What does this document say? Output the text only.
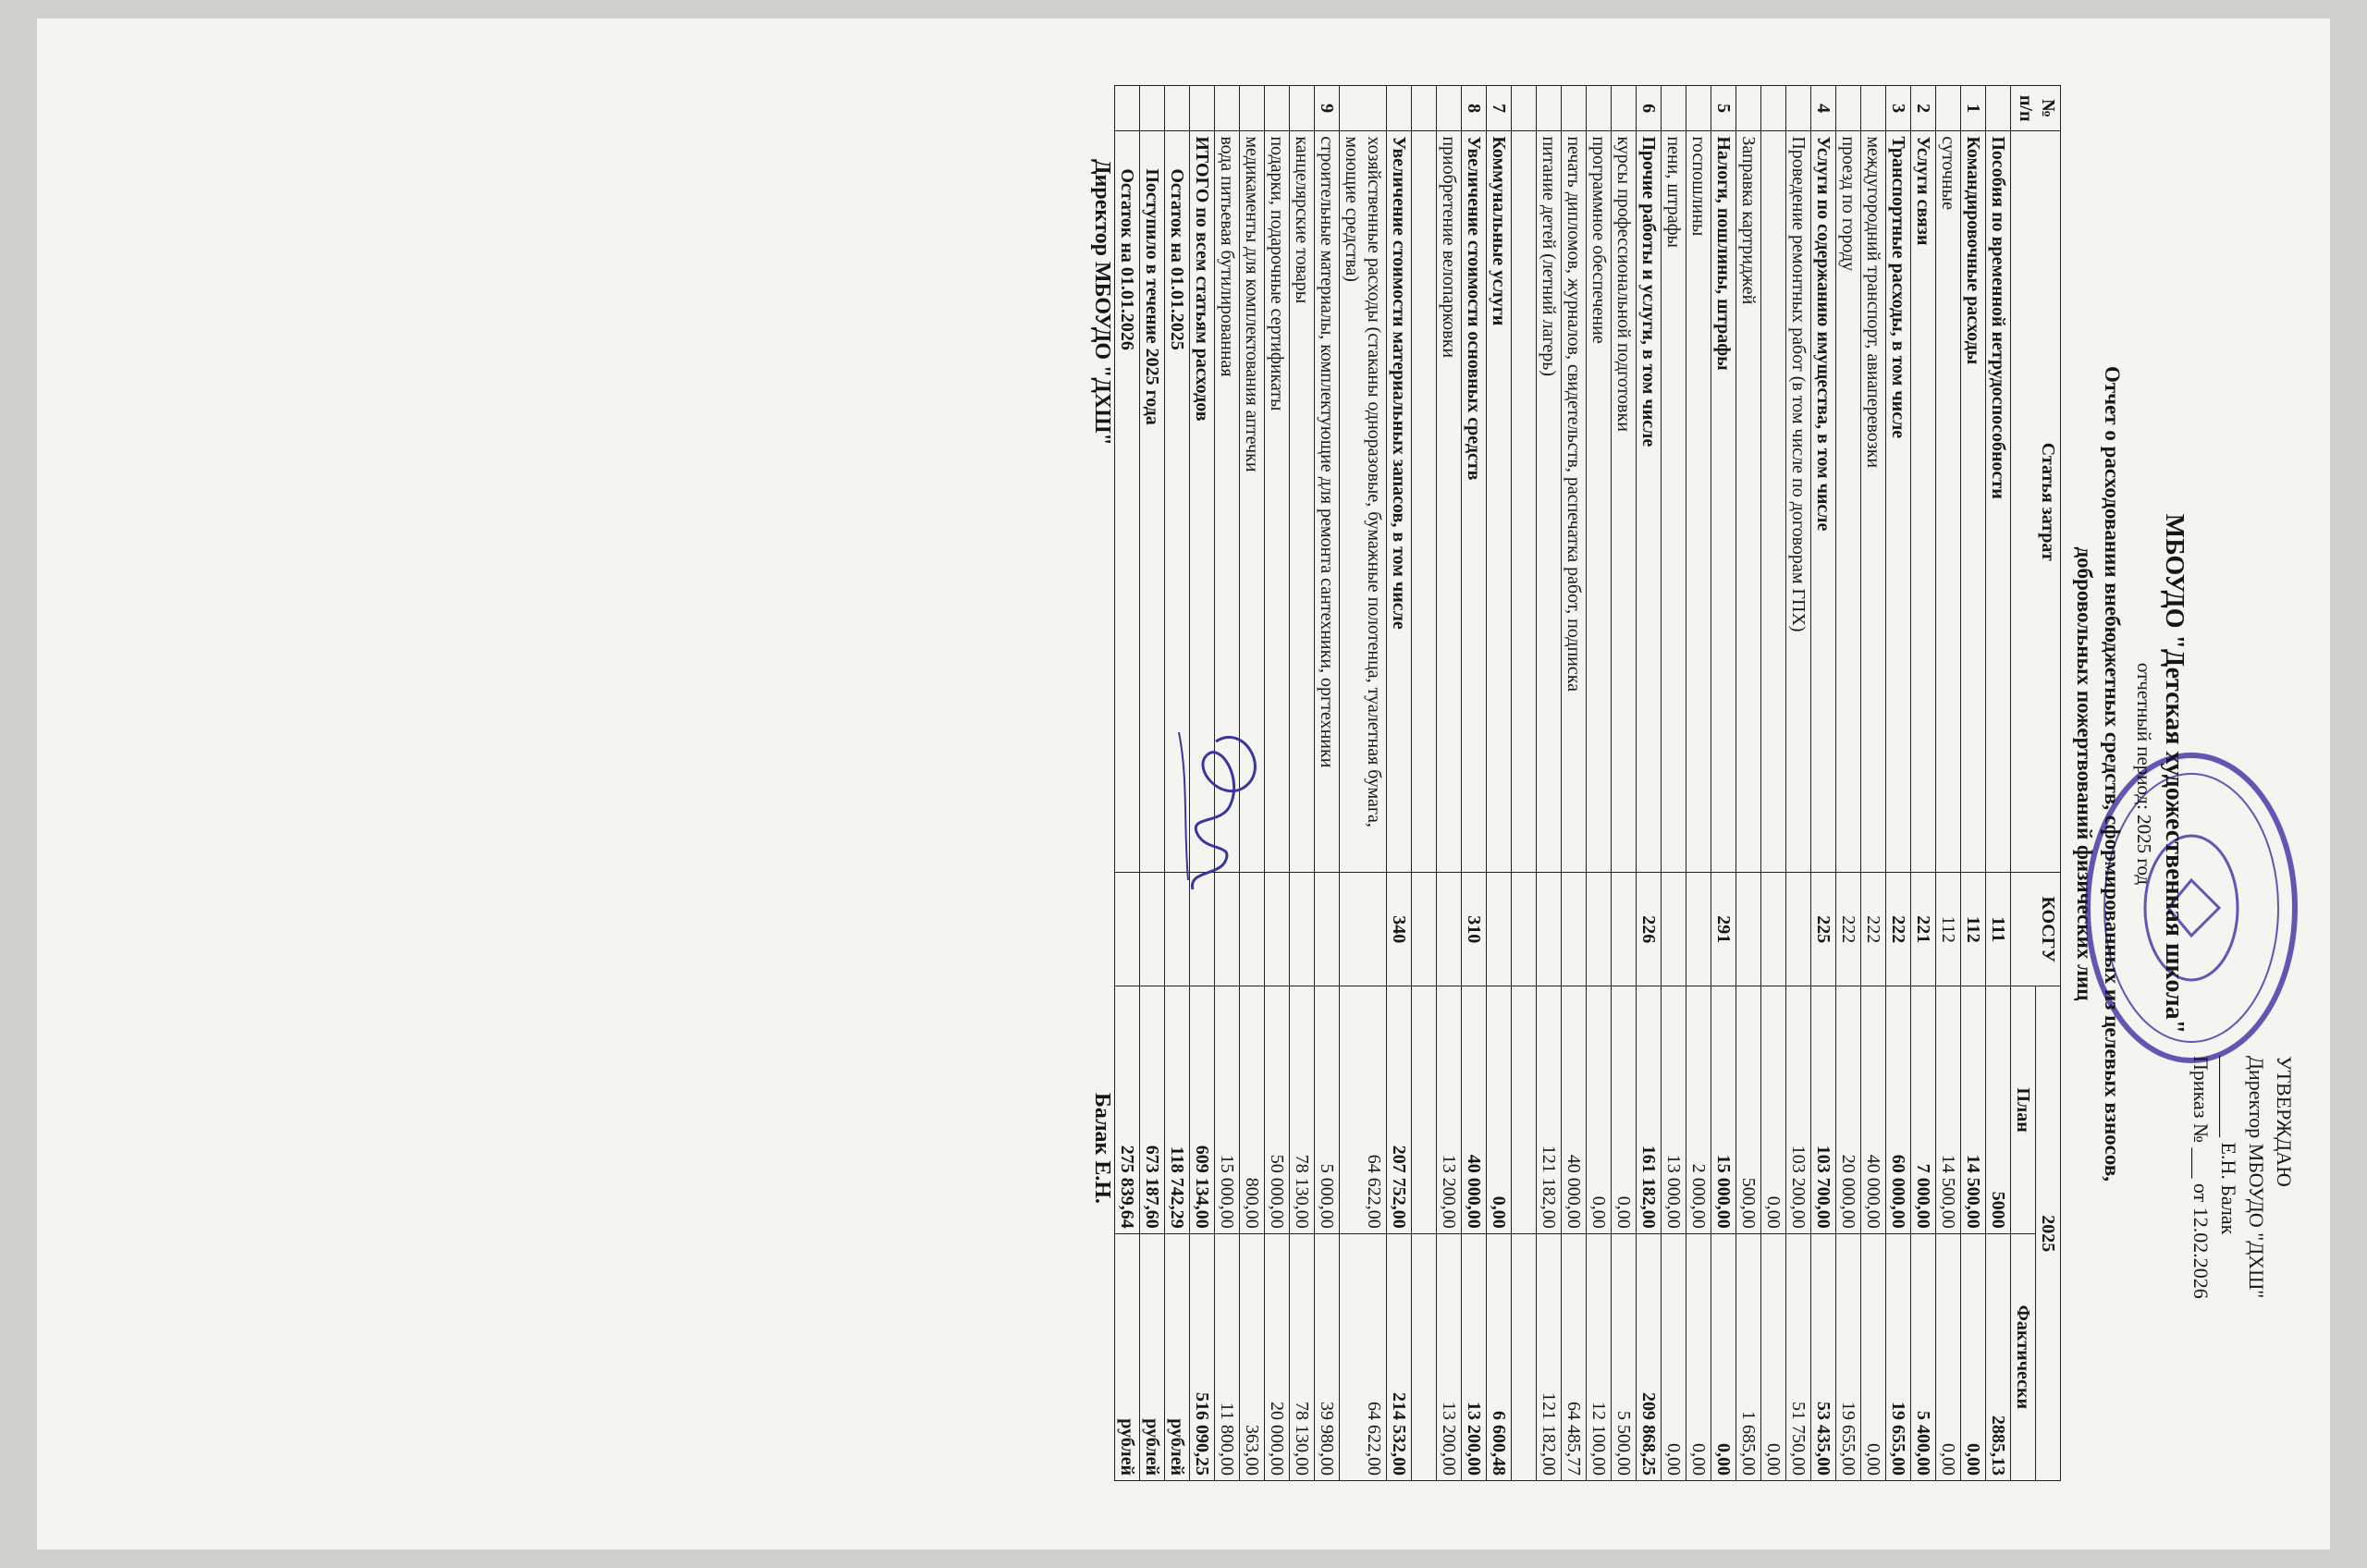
УТВЕРЖДАЮ
Директор МБОУДО "ДХШ"
________ Е.Н. Балак
Приказ № ___ от 12.02.2026
МБОУДО "Детская художественная школа"
отчетный период: 2025 год
Отчет о расходовании внебюджетных средств, сформированных из целевых взносов,
добровольных пожертвований физических лиц
№ п/п	Статья затрат	КОСГУ	2025	
			План	Фактически
	Пособия по временной нетрудоспособности	111	5000	2885,13
1	Командировочные расходы	112	14 500,00	0,00
	суточные	112	14 500,00	0,00
2	Услуги связи	221	7 000,00	5 400,00
3	Транспортные расходы, в том числе	222	60 000,00	19 655,00
	междугородний транспорт, авиаперевозки	222	40 000,00	0,00
	проезд по городу	222	20 000,00	19 655,00
4	Услуги по содержанию имущества, в том числе	225	103 700,00	53 435,00
	Проведение ремонтных работ (в том числе по договорам ГПХ)		103 200,00	51 750,00
			0,00	0,00
	Заправка картриджей		500,00	1 685,00
5	Налоги, пошлины, штрафы	291	15 000,00	0,00
	госпошлины		2 000,00	0,00
	пени, штрафы		13 000,00	0,00
6	Прочие работы и услуги, в том числе	226	161 182,00	209 868,25
	курсы профессиональной подготовки		0,00	5 500,00
	программное обеспечение		0,00	12 100,00
	печать дипломов, журналов, свидетельств, распечатка работ, подписка		40 000,00	64 485,77
	питание детей (летний лагерь)		121 182,00	121 182,00

7	Коммунальные услуги		0,00	6 600,48
8	Увеличение стоимости основных средств	310	40 000,00	13 200,00
	приобретение велопарковки		13 200,00	13 200,00

	Увеличение стоимости материальных запасов, в том числе	340	207 752,00	214 532,00
	хозяйственные расходы (стаканы одноразовые, бумажные полотенца, туалетная бумага, моющие средства)		64 622,00	64 622,00
9	строительные материалы, комплектующие для ремонта сантехники, оргтехники		5 000,00	39 980,00
	канцелярские товары		78 130,00	78 130,00
	подарки, подарочные сертификаты		50 000,00	20 000,00
	медикаменты для комплектования аптечки		800,00	363,00
	вода питьевая бутилированная		15 000,00	11 800,00
	ИТОГО по всем статьям расходов		609 134,00	516 090,25
	Остаток на 01.01.2025		118 742,29	рублей
	Поступило в течение 2025 года		673 187,60	рублей
	Остаток на 01.01.2026		275 839,64	рублей
Директор МБОУДО "ДХШ"
Балак Е.Н.
